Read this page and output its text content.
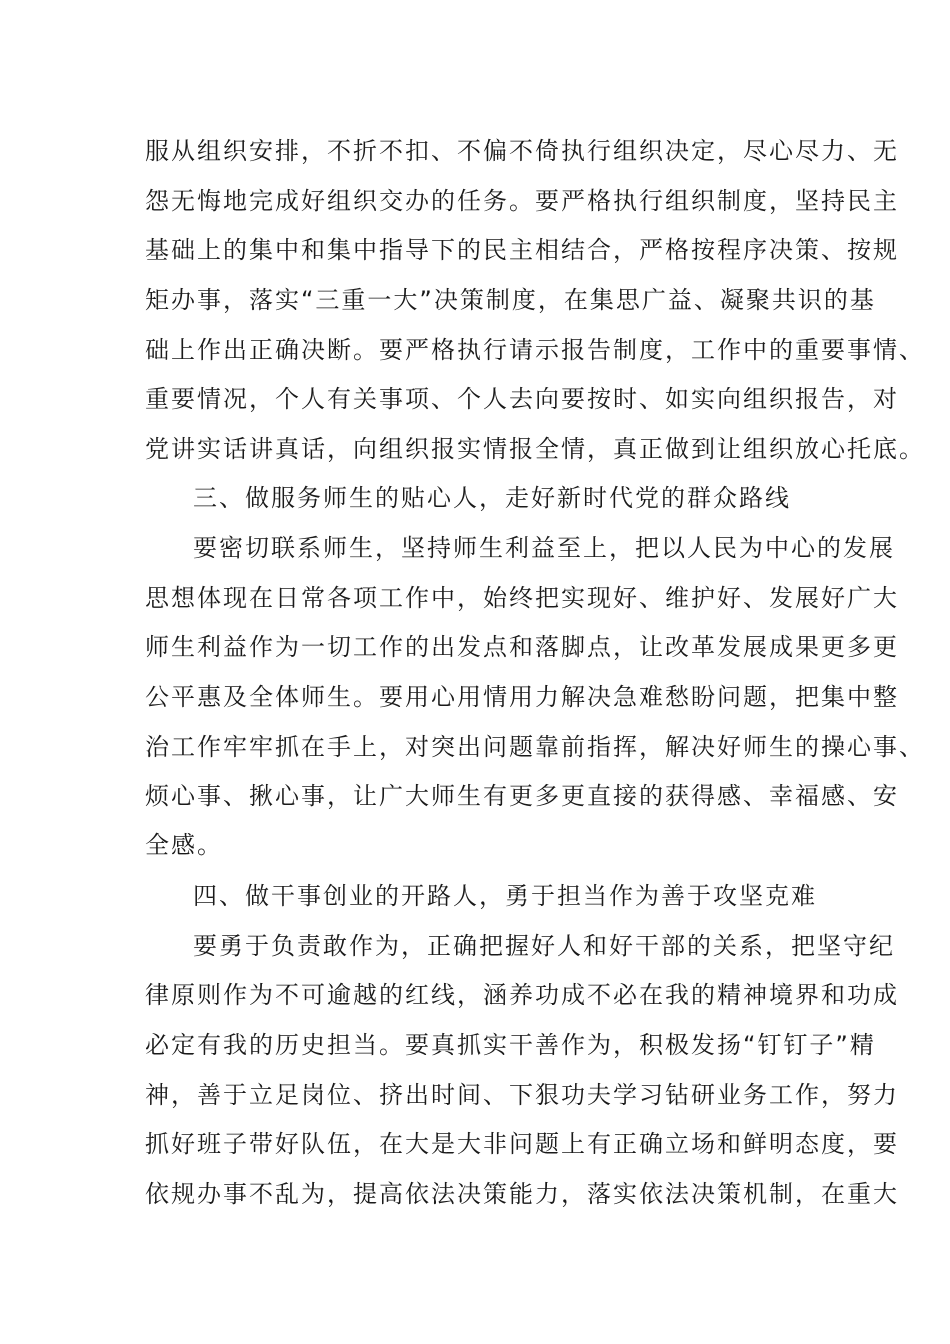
服从组织安排，不折不扣、不偏不倚执行组织决定，尽心尽力、无
怨无悔地完成好组织交办的任务。要严格执行组织制度，坚持民主
基础上的集中和集中指导下的民主相结合，严格按程序决策、按规
矩办事，落实“三重一大”决策制度，在集思广益、凝聚共识的基
础上作出正确决断。要严格执行请示报告制度，工作中的重要事情、
重要情况，个人有关事项、个人去向要按时、如实向组织报告，对
党讲实话讲真话，向组织报实情报全情，真正做到让组织放心托底。
三、做服务师生的贴心人，走好新时代党的群众路线
要密切联系师生，坚持师生利益至上，把以人民为中心的发展
思想体现在日常各项工作中，始终把实现好、维护好、发展好广大
师生利益作为一切工作的出发点和落脚点，让改革发展成果更多更
公平惠及全体师生。要用心用情用力解决急难愁盼问题，把集中整
治工作牢牢抓在手上，对突出问题靠前指挥，解决好师生的操心事、
烦心事、揪心事，让广大师生有更多更直接的获得感、幸福感、安
全感。
四、做干事创业的开路人，勇于担当作为善于攻坚克难
要勇于负责敢作为，正确把握好人和好干部的关系，把坚守纪
律原则作为不可逾越的红线，涵养功成不必在我的精神境界和功成
必定有我的历史担当。要真抓实干善作为，积极发扬“钉钉子”精
神，善于立足岗位、挤出时间、下狠功夫学习钻研业务工作，努力
抓好班子带好队伍，在大是大非问题上有正确立场和鲜明态度，要
依规办事不乱为，提高依法决策能力，落实依法决策机制，在重大
